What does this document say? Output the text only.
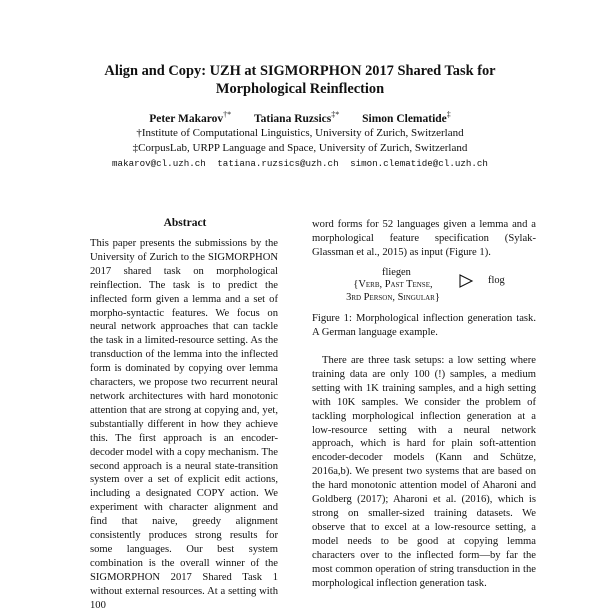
Align and Copy: UZH at SIGMORPHON 2017 Shared Task for Morphological Reinflection
Peter Makarov†* Tatiana Ruzsics‡* Simon Clematide‡
†Institute of Computational Linguistics, University of Zurich, Switzerland
‡CorpusLab, URPP Language and Space, University of Zurich, Switzerland
makarov@cl.uzh.ch tatiana.ruzsics@uzh.ch simon.clematide@cl.uzh.ch
Abstract
This paper presents the submissions by the University of Zurich to the SIGMORPHON 2017 shared task on morphological reinflection. The task is to predict the inflected form given a lemma and a set of morpho-syntactic features. We focus on neural network approaches that can tackle the task in a limited-resource setting. As the transduction of the lemma into the inflected form is dominated by copying over lemma characters, we propose two recurrent neural network architectures with hard monotonic attention that are strong at copying and, yet, substantially different in how they achieve this. The first approach is an encoder-decoder model with a copy mechanism. The second approach is a neural state-transition system over a set of explicit edit actions, including a designated COPY action. We experiment with character alignment and find that naive, greedy alignment consistently produces strong results for some languages. Our best system combination is the overall winner of the SIGMORPHON 2017 Shared Task 1 without external resources. At a setting with 100
word forms for 52 languages given a lemma and a morphological feature specification (Sylak-Glassman et al., 2015) as input (Figure 1).
fliegen
{Verb, Past Tense,
3rd Person, Singular}
flog
Figure 1: Morphological inflection generation task. A German language example.
There are three task setups: a low setting where training data are only 100 (!) samples, a medium setting with 1K training samples, and a high setting with 10K samples. We consider the problem of tackling morphological inflection generation at a low-resource setting with a neural network approach, which is hard for plain soft-attention encoder-decoder models (Kann and Schütze, 2016a,b). We present two systems that are based on the hard monotonic attention model of Aharoni and Goldberg (2017); Aharoni et al. (2016), which is strong on smaller-sized training datasets. We observe that to excel at a low-resource setting, a model needs to be good at copying lemma characters over to the inflected form—by far the most common operation of string transduction in the morphological inflection generation task.
